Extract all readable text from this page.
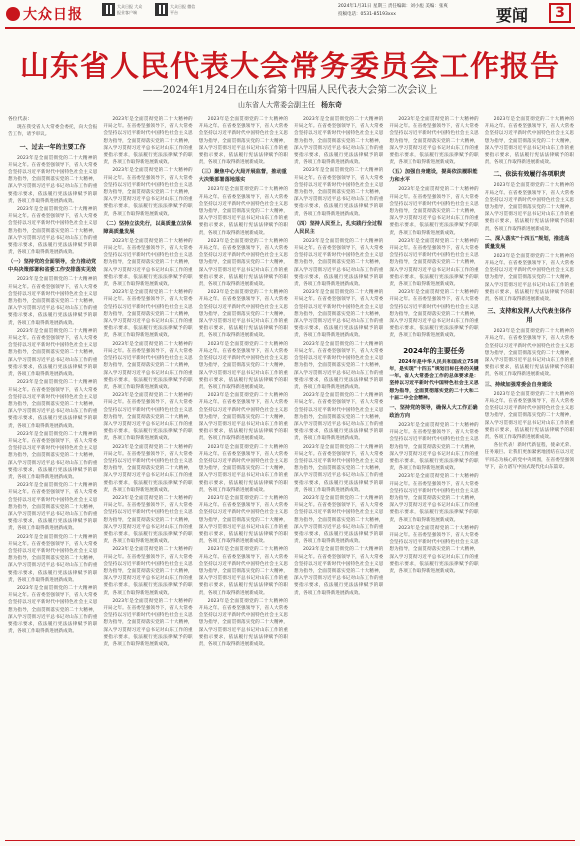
大众日报
大众日报 大众报业客户端
大众日报 微信平台
2024年1月31日 星期三 责任编辑：刘小彪 美编：张爽
投稿电话：0531-85193xxx	要闻	3
山东省人民代表大会常务委员会工作报告
——2024年1月24日在山东省第十四届人民代表大会第二次会议上
山东省人大常委会副主任 杨东奇

各位代表：

现在我受省人大常委会委托，向大会报告工作，请予审议。

一、过去一年的主要工作

2023年是全面贯彻党的二十大精神的开局之年。在省委坚强领导下，省人大常委会坚持以习近平新时代中国特色社会主义思想为指导，全面贯彻落实党的二十大精神，深入学习贯彻习近平总书记对山东工作的重要指示要求，依法履行宪法法律赋予的职责，各项工作取得新进展新成效。

2023年是全面贯彻党的二十大精神的开局之年。在省委坚强领导下，省人大常委会坚持以习近平新时代中国特色社会主义思想为指导，全面贯彻落实党的二十大精神，深入学习贯彻习近平总书记对山东工作的重要指示要求，依法履行宪法法律赋予的职责，各项工作取得新进展新成效。

（一）坚持党的全面领导，全力推动党中央决策部署和省委工作安排落实见效

2023年是全面贯彻党的二十大精神的开局之年。在省委坚强领导下，省人大常委会坚持以习近平新时代中国特色社会主义思想为指导，全面贯彻落实党的二十大精神，深入学习贯彻习近平总书记对山东工作的重要指示要求，依法履行宪法法律赋予的职责，各项工作取得新进展新成效。

2023年是全面贯彻党的二十大精神的开局之年。在省委坚强领导下，省人大常委会坚持以习近平新时代中国特色社会主义思想为指导，全面贯彻落实党的二十大精神，深入学习贯彻习近平总书记对山东工作的重要指示要求，依法履行宪法法律赋予的职责，各项工作取得新进展新成效。

2023年是全面贯彻党的二十大精神的开局之年。在省委坚强领导下，省人大常委会坚持以习近平新时代中国特色社会主义思想为指导，全面贯彻落实党的二十大精神，深入学习贯彻习近平总书记对山东工作的重要指示要求，依法履行宪法法律赋予的职责，各项工作取得新进展新成效。

2023年是全面贯彻党的二十大精神的开局之年。在省委坚强领导下，省人大常委会坚持以习近平新时代中国特色社会主义思想为指导，全面贯彻落实党的二十大精神，深入学习贯彻习近平总书记对山东工作的重要指示要求，依法履行宪法法律赋予的职责，各项工作取得新进展新成效。

2023年是全面贯彻党的二十大精神的开局之年。在省委坚强领导下，省人大常委会坚持以习近平新时代中国特色社会主义思想为指导，全面贯彻落实党的二十大精神，深入学习贯彻习近平总书记对山东工作的重要指示要求，依法履行宪法法律赋予的职责，各项工作取得新进展新成效。

2023年是全面贯彻党的二十大精神的开局之年。在省委坚强领导下，省人大常委会坚持以习近平新时代中国特色社会主义思想为指导，全面贯彻落实党的二十大精神，深入学习贯彻习近平总书记对山东工作的重要指示要求，依法履行宪法法律赋予的职责，各项工作取得新进展新成效。

2023年是全面贯彻党的二十大精神的开局之年。在省委坚强领导下，省人大常委会坚持以习近平新时代中国特色社会主义思想为指导，全面贯彻落实党的二十大精神，深入学习贯彻习近平总书记对山东工作的重要指示要求，依法履行宪法法律赋予的职责，各项工作取得新进展新成效。

2023年是全面贯彻党的二十大精神的开局之年。在省委坚强领导下，省人大常委会坚持以习近平新时代中国特色社会主义思想为指导，全面贯彻落实党的二十大精神，深入学习贯彻习近平总书记对山东工作的重要指示要求，依法履行宪法法律赋予的职责，各项工作取得新进展新成效。

2023年是全面贯彻党的二十大精神的开局之年。在省委坚强领导下，省人大常委会坚持以习近平新时代中国特色社会主义思想为指导，全面贯彻落实党的二十大精神，深入学习贯彻习近平总书记对山东工作的重要指示要求，依法履行宪法法律赋予的职责，各项工作取得新进展新成效。

（二）坚持立法先行，以高质量立法保障高质量发展

2023年是全面贯彻党的二十大精神的开局之年。在省委坚强领导下，省人大常委会坚持以习近平新时代中国特色社会主义思想为指导，全面贯彻落实党的二十大精神，深入学习贯彻习近平总书记对山东工作的重要指示要求，依法履行宪法法律赋予的职责，各项工作取得新进展新成效。

2023年是全面贯彻党的二十大精神的开局之年。在省委坚强领导下，省人大常委会坚持以习近平新时代中国特色社会主义思想为指导，全面贯彻落实党的二十大精神，深入学习贯彻习近平总书记对山东工作的重要指示要求，依法履行宪法法律赋予的职责，各项工作取得新进展新成效。

2023年是全面贯彻党的二十大精神的开局之年。在省委坚强领导下，省人大常委会坚持以习近平新时代中国特色社会主义思想为指导，全面贯彻落实党的二十大精神，深入学习贯彻习近平总书记对山东工作的重要指示要求，依法履行宪法法律赋予的职责，各项工作取得新进展新成效。

2023年是全面贯彻党的二十大精神的开局之年。在省委坚强领导下，省人大常委会坚持以习近平新时代中国特色社会主义思想为指导，全面贯彻落实党的二十大精神，深入学习贯彻习近平总书记对山东工作的重要指示要求，依法履行宪法法律赋予的职责，各项工作取得新进展新成效。

2023年是全面贯彻党的二十大精神的开局之年。在省委坚强领导下，省人大常委会坚持以习近平新时代中国特色社会主义思想为指导，全面贯彻落实党的二十大精神，深入学习贯彻习近平总书记对山东工作的重要指示要求，依法履行宪法法律赋予的职责，各项工作取得新进展新成效。

2023年是全面贯彻党的二十大精神的开局之年。在省委坚强领导下，省人大常委会坚持以习近平新时代中国特色社会主义思想为指导，全面贯彻落实党的二十大精神，深入学习贯彻习近平总书记对山东工作的重要指示要求，依法履行宪法法律赋予的职责，各项工作取得新进展新成效。

2023年是全面贯彻党的二十大精神的开局之年。在省委坚强领导下，省人大常委会坚持以习近平新时代中国特色社会主义思想为指导，全面贯彻落实党的二十大精神，深入学习贯彻习近平总书记对山东工作的重要指示要求，依法履行宪法法律赋予的职责，各项工作取得新进展新成效。

2023年是全面贯彻党的二十大精神的开局之年。在省委坚强领导下，省人大常委会坚持以习近平新时代中国特色社会主义思想为指导，全面贯彻落实党的二十大精神，深入学习贯彻习近平总书记对山东工作的重要指示要求，依法履行宪法法律赋予的职责，各项工作取得新进展新成效。

2023年是全面贯彻党的二十大精神的开局之年。在省委坚强领导下，省人大常委会坚持以习近平新时代中国特色社会主义思想为指导，全面贯彻落实党的二十大精神，深入学习贯彻习近平总书记对山东工作的重要指示要求，依法履行宪法法律赋予的职责，各项工作取得新进展新成效。

（三）聚焦中心大局开展监督，推动重大决策部署落地落实

2023年是全面贯彻党的二十大精神的开局之年。在省委坚强领导下，省人大常委会坚持以习近平新时代中国特色社会主义思想为指导，全面贯彻落实党的二十大精神，深入学习贯彻习近平总书记对山东工作的重要指示要求，依法履行宪法法律赋予的职责，各项工作取得新进展新成效。

2023年是全面贯彻党的二十大精神的开局之年。在省委坚强领导下，省人大常委会坚持以习近平新时代中国特色社会主义思想为指导，全面贯彻落实党的二十大精神，深入学习贯彻习近平总书记对山东工作的重要指示要求，依法履行宪法法律赋予的职责，各项工作取得新进展新成效。

2023年是全面贯彻党的二十大精神的开局之年。在省委坚强领导下，省人大常委会坚持以习近平新时代中国特色社会主义思想为指导，全面贯彻落实党的二十大精神，深入学习贯彻习近平总书记对山东工作的重要指示要求，依法履行宪法法律赋予的职责，各项工作取得新进展新成效。

2023年是全面贯彻党的二十大精神的开局之年。在省委坚强领导下，省人大常委会坚持以习近平新时代中国特色社会主义思想为指导，全面贯彻落实党的二十大精神，深入学习贯彻习近平总书记对山东工作的重要指示要求，依法履行宪法法律赋予的职责，各项工作取得新进展新成效。

2023年是全面贯彻党的二十大精神的开局之年。在省委坚强领导下，省人大常委会坚持以习近平新时代中国特色社会主义思想为指导，全面贯彻落实党的二十大精神，深入学习贯彻习近平总书记对山东工作的重要指示要求，依法履行宪法法律赋予的职责，各项工作取得新进展新成效。

2023年是全面贯彻党的二十大精神的开局之年。在省委坚强领导下，省人大常委会坚持以习近平新时代中国特色社会主义思想为指导，全面贯彻落实党的二十大精神，深入学习贯彻习近平总书记对山东工作的重要指示要求，依法履行宪法法律赋予的职责，各项工作取得新进展新成效。

2023年是全面贯彻党的二十大精神的开局之年。在省委坚强领导下，省人大常委会坚持以习近平新时代中国特色社会主义思想为指导，全面贯彻落实党的二十大精神，深入学习贯彻习近平总书记对山东工作的重要指示要求，依法履行宪法法律赋予的职责，各项工作取得新进展新成效。

2023年是全面贯彻党的二十大精神的开局之年。在省委坚强领导下，省人大常委会坚持以习近平新时代中国特色社会主义思想为指导，全面贯彻落实党的二十大精神，深入学习贯彻习近平总书记对山东工作的重要指示要求，依法履行宪法法律赋予的职责，各项工作取得新进展新成效。

2023年是全面贯彻党的二十大精神的开局之年。在省委坚强领导下，省人大常委会坚持以习近平新时代中国特色社会主义思想为指导，全面贯彻落实党的二十大精神，深入学习贯彻习近平总书记对山东工作的重要指示要求，依法履行宪法法律赋予的职责，各项工作取得新进展新成效。

2023年是全面贯彻党的二十大精神的开局之年。在省委坚强领导下，省人大常委会坚持以习近平新时代中国特色社会主义思想为指导，全面贯彻落实党的二十大精神，深入学习贯彻习近平总书记对山东工作的重要指示要求，依法履行宪法法律赋予的职责，各项工作取得新进展新成效。

2023年是全面贯彻党的二十大精神的开局之年。在省委坚强领导下，省人大常委会坚持以习近平新时代中国特色社会主义思想为指导，全面贯彻落实党的二十大精神，深入学习贯彻习近平总书记对山东工作的重要指示要求，依法履行宪法法律赋予的职责，各项工作取得新进展新成效。

（四）坚持人民至上，扎实践行全过程人民民主

2023年是全面贯彻党的二十大精神的开局之年。在省委坚强领导下，省人大常委会坚持以习近平新时代中国特色社会主义思想为指导，全面贯彻落实党的二十大精神，深入学习贯彻习近平总书记对山东工作的重要指示要求，依法履行宪法法律赋予的职责，各项工作取得新进展新成效。

2023年是全面贯彻党的二十大精神的开局之年。在省委坚强领导下，省人大常委会坚持以习近平新时代中国特色社会主义思想为指导，全面贯彻落实党的二十大精神，深入学习贯彻习近平总书记对山东工作的重要指示要求，依法履行宪法法律赋予的职责，各项工作取得新进展新成效。

2023年是全面贯彻党的二十大精神的开局之年。在省委坚强领导下，省人大常委会坚持以习近平新时代中国特色社会主义思想为指导，全面贯彻落实党的二十大精神，深入学习贯彻习近平总书记对山东工作的重要指示要求，依法履行宪法法律赋予的职责，各项工作取得新进展新成效。

2023年是全面贯彻党的二十大精神的开局之年。在省委坚强领导下，省人大常委会坚持以习近平新时代中国特色社会主义思想为指导，全面贯彻落实党的二十大精神，深入学习贯彻习近平总书记对山东工作的重要指示要求，依法履行宪法法律赋予的职责，各项工作取得新进展新成效。

2023年是全面贯彻党的二十大精神的开局之年。在省委坚强领导下，省人大常委会坚持以习近平新时代中国特色社会主义思想为指导，全面贯彻落实党的二十大精神，深入学习贯彻习近平总书记对山东工作的重要指示要求，依法履行宪法法律赋予的职责，各项工作取得新进展新成效。

2023年是全面贯彻党的二十大精神的开局之年。在省委坚强领导下，省人大常委会坚持以习近平新时代中国特色社会主义思想为指导，全面贯彻落实党的二十大精神，深入学习贯彻习近平总书记对山东工作的重要指示要求，依法履行宪法法律赋予的职责，各项工作取得新进展新成效。

2023年是全面贯彻党的二十大精神的开局之年。在省委坚强领导下，省人大常委会坚持以习近平新时代中国特色社会主义思想为指导，全面贯彻落实党的二十大精神，深入学习贯彻习近平总书记对山东工作的重要指示要求，依法履行宪法法律赋予的职责，各项工作取得新进展新成效。

2023年是全面贯彻党的二十大精神的开局之年。在省委坚强领导下，省人大常委会坚持以习近平新时代中国特色社会主义思想为指导，全面贯彻落实党的二十大精神，深入学习贯彻习近平总书记对山东工作的重要指示要求，依法履行宪法法律赋予的职责，各项工作取得新进展新成效。

（五）加强自身建设，提高依法履职能力和水平

2023年是全面贯彻党的二十大精神的开局之年。在省委坚强领导下，省人大常委会坚持以习近平新时代中国特色社会主义思想为指导，全面贯彻落实党的二十大精神，深入学习贯彻习近平总书记对山东工作的重要指示要求，依法履行宪法法律赋予的职责，各项工作取得新进展新成效。

2023年是全面贯彻党的二十大精神的开局之年。在省委坚强领导下，省人大常委会坚持以习近平新时代中国特色社会主义思想为指导，全面贯彻落实党的二十大精神，深入学习贯彻习近平总书记对山东工作的重要指示要求，依法履行宪法法律赋予的职责，各项工作取得新进展新成效。

2023年是全面贯彻党的二十大精神的开局之年。在省委坚强领导下，省人大常委会坚持以习近平新时代中国特色社会主义思想为指导，全面贯彻落实党的二十大精神，深入学习贯彻习近平总书记对山东工作的重要指示要求，依法履行宪法法律赋予的职责，各项工作取得新进展新成效。

2024年的主要任务

2024年是中华人民共和国成立75周年，是实现“十四五”规划目标任务的关键一年。省人大常委会工作的总体要求是：坚持以习近平新时代中国特色社会主义思想为指导，全面贯彻落实党的二十大和二十届二中全会精神。

一、坚持党的领导，确保人大工作正确政治方向

2023年是全面贯彻党的二十大精神的开局之年。在省委坚强领导下，省人大常委会坚持以习近平新时代中国特色社会主义思想为指导，全面贯彻落实党的二十大精神，深入学习贯彻习近平总书记对山东工作的重要指示要求，依法履行宪法法律赋予的职责，各项工作取得新进展新成效。

2023年是全面贯彻党的二十大精神的开局之年。在省委坚强领导下，省人大常委会坚持以习近平新时代中国特色社会主义思想为指导，全面贯彻落实党的二十大精神，深入学习贯彻习近平总书记对山东工作的重要指示要求，依法履行宪法法律赋予的职责，各项工作取得新进展新成效。

2023年是全面贯彻党的二十大精神的开局之年。在省委坚强领导下，省人大常委会坚持以习近平新时代中国特色社会主义思想为指导，全面贯彻落实党的二十大精神，深入学习贯彻习近平总书记对山东工作的重要指示要求，依法履行宪法法律赋予的职责，各项工作取得新进展新成效。

2023年是全面贯彻党的二十大精神的开局之年。在省委坚强领导下，省人大常委会坚持以习近平新时代中国特色社会主义思想为指导，全面贯彻落实党的二十大精神，深入学习贯彻习近平总书记对山东工作的重要指示要求，依法履行宪法法律赋予的职责，各项工作取得新进展新成效。

二、依法有效履行各项职责

2023年是全面贯彻党的二十大精神的开局之年。在省委坚强领导下，省人大常委会坚持以习近平新时代中国特色社会主义思想为指导，全面贯彻落实党的二十大精神，深入学习贯彻习近平总书记对山东工作的重要指示要求，依法履行宪法法律赋予的职责，各项工作取得新进展新成效。

二、深入落实“十四五”规划，推进高质量发展

2023年是全面贯彻党的二十大精神的开局之年。在省委坚强领导下，省人大常委会坚持以习近平新时代中国特色社会主义思想为指导，全面贯彻落实党的二十大精神，深入学习贯彻习近平总书记对山东工作的重要指示要求，依法履行宪法法律赋予的职责，各项工作取得新进展新成效。

三、支持和发挥人大代表主体作用

2023年是全面贯彻党的二十大精神的开局之年。在省委坚强领导下，省人大常委会坚持以习近平新时代中国特色社会主义思想为指导，全面贯彻落实党的二十大精神，深入学习贯彻习近平总书记对山东工作的重要指示要求，依法履行宪法法律赋予的职责，各项工作取得新进展新成效。

三、持续加强常委会自身建设

2023年是全面贯彻党的二十大精神的开局之年。在省委坚强领导下，省人大常委会坚持以习近平新时代中国特色社会主义思想为指导，全面贯彻落实党的二十大精神，深入学习贯彻习近平总书记对山东工作的重要指示要求，依法履行宪法法律赋予的职责，各项工作取得新进展新成效。

各位代表！新时代新征程，使命光荣、任务艰巨。让我们更加紧密地团结在以习近平同志为核心的党中央周围，在省委坚强领导下，奋力谱写中国式现代化山东篇章。
